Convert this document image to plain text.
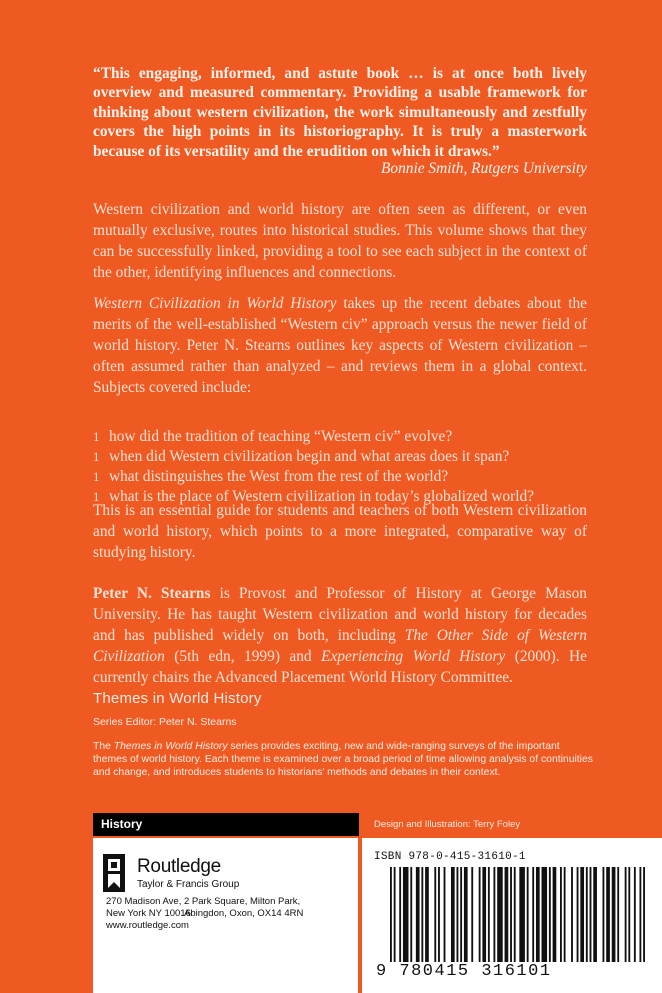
“This engaging, informed, and astute book … is at once both lively overview and measured commentary. Providing a usable framework for thinking about western civilization, the work simultaneously and zestfully covers the high points in its historiography. It is truly a masterwork because of its versatility and the erudition on which it draws.”
Bonnie Smith, Rutgers University
Western civilization and world history are often seen as different, or even mutually exclusive, routes into historical studies. This volume shows that they can be successfully linked, providing a tool to see each subject in the context of the other, identifying influences and connections.
Western Civilization in World History takes up the recent debates about the merits of the well-established “Western civ” approach versus the newer field of world history. Peter N. Stearns outlines key aspects of Western civilization – often assumed rather than analyzed – and reviews them in a global context. Subjects covered include:
1 how did the tradition of teaching “Western civ” evolve?
1 when did Western civilization begin and what areas does it span?
1 what distinguishes the West from the rest of the world?
1 what is the place of Western civilization in today’s globalized world?
This is an essential guide for students and teachers of both Western civilization and world history, which points to a more integrated, comparative way of studying history.
Peter N. Stearns is Provost and Professor of History at George Mason University. He has taught Western civilization and world history for decades and has published widely on both, including The Other Side of Western Civilization (5th edn, 1999) and Experiencing World History (2000). He currently chairs the Advanced Placement World History Committee.
Themes in World History
Series Editor: Peter N. Stearns
The Themes in World History series provides exciting, new and wide-ranging surveys of the important themes of world history. Each theme is examined over a broad period of time allowing analysis of continuities and change, and introduces students to historians’ methods and debates in their context.
History	Design and Illustration: Terry Foley
Routledge
Taylor & Francis Group
270 Madison Ave,
New York NY 10016
2 Park Square, Milton Park,
Abingdon, Oxon, OX14 4RN
www.routledge.com
ISBN 978-0-415-31610-1
9 780415 316101
